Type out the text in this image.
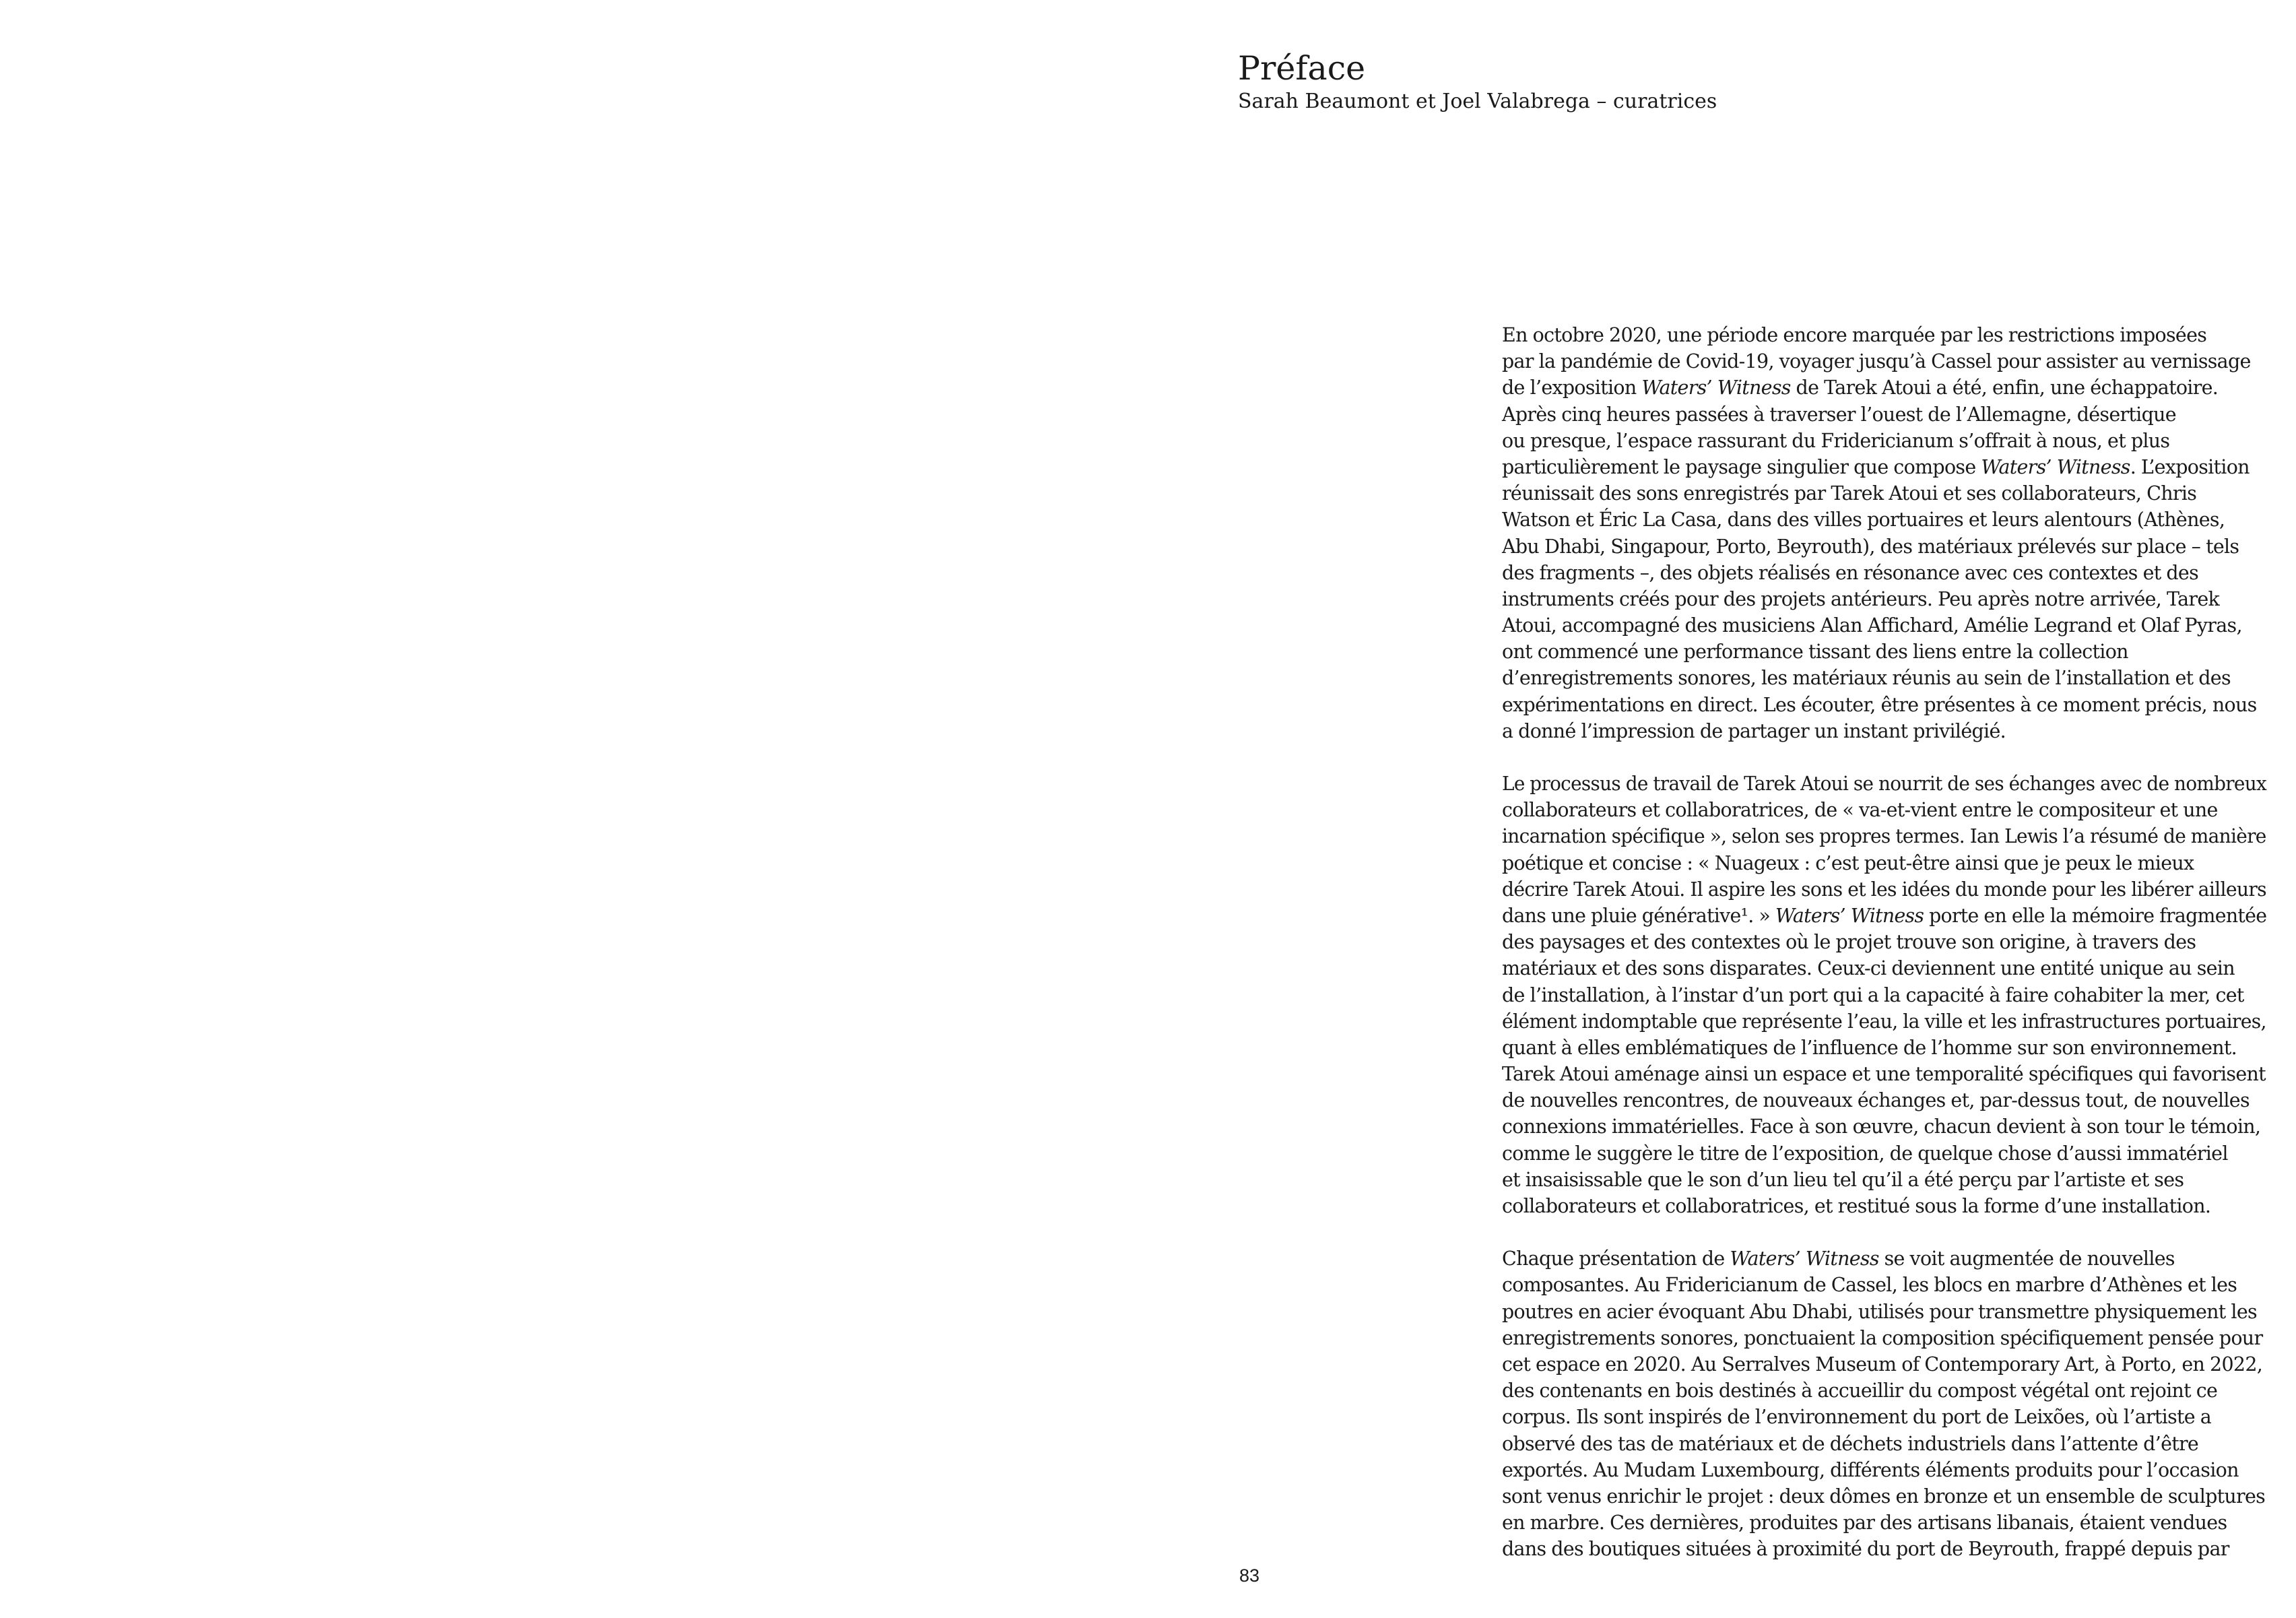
Préface

Sarah Beaumont et Joel Valabrega – curatrices

En octobre 2020, une période encore marquée par les restrictions imposées
par la pandémie de Covid-19, voyager jusqu’à Cassel pour assister au vernissage
de l’exposition Waters’ Witness de Tarek Atoui a été, enfin, une échappatoire.
Après cinq heures passées à traverser l’ouest de l’Allemagne, désertique
ou presque, l’espace rassurant du Fridericianum s’offrait à nous, et plus
particulièrement le paysage singulier que compose Waters’ Witness. L’exposition
réunissait des sons enregistrés par Tarek Atoui et ses collaborateurs, Chris
Watson et Éric La Casa, dans des villes portuaires et leurs alentours (Athènes,
Abu Dhabi, Singapour, Porto, Beyrouth), des matériaux prélevés sur place – tels
des fragments –, des objets réalisés en résonance avec ces contextes et des
instruments créés pour des projets antérieurs. Peu après notre arrivée, Tarek
Atoui, accompagné des musiciens Alan Affichard, Amélie Legrand et Olaf Pyras,
ont commencé une performance tissant des liens entre la collection
d’enregistrements sonores, les matériaux réunis au sein de l’installation et des
expérimentations en direct. Les écouter, être présentes à ce moment précis, nous
a donné l’impression de partager un instant privilégié.
Le processus de travail de Tarek Atoui se nourrit de ses échanges avec de nombreux
collaborateurs et collaboratrices, de « va-et-vient entre le compositeur et une
incarnation spécifique », selon ses propres termes. Ian Lewis l’a résumé de manière
poétique et concise : « Nuageux : c’est peut-être ainsi que je peux le mieux
décrire Tarek Atoui. Il aspire les sons et les idées du monde pour les libérer ailleurs
dans une pluie générative¹. » Waters’ Witness porte en elle la mémoire fragmentée
des paysages et des contextes où le projet trouve son origine, à travers des
matériaux et des sons disparates. Ceux-ci deviennent une entité unique au sein
de l’installation, à l’instar d’un port qui a la capacité à faire cohabiter la mer, cet
élément indomptable que représente l’eau, la ville et les infrastructures portuaires,
quant à elles emblématiques de l’influence de l’homme sur son environnement.
Tarek Atoui aménage ainsi un espace et une temporalité spécifiques qui favorisent
de nouvelles rencontres, de nouveaux échanges et, par-dessus tout, de nouvelles
connexions immatérielles. Face à son œuvre, chacun devient à son tour le témoin,
comme le suggère le titre de l’exposition, de quelque chose d’aussi immatériel
et insaisissable que le son d’un lieu tel qu’il a été perçu par l’artiste et ses
collaborateurs et collaboratrices, et restitué sous la forme d’une installation.
Chaque présentation de Waters’ Witness se voit augmentée de nouvelles
composantes. Au Fridericianum de Cassel, les blocs en marbre d’Athènes et les
poutres en acier évoquant Abu Dhabi, utilisés pour transmettre physiquement les
enregistrements sonores, ponctuaient la composition spécifiquement pensée pour
cet espace en 2020. Au Serralves Museum of Contemporary Art, à Porto, en 2022,
des contenants en bois destinés à accueillir du compost végétal ont rejoint ce
corpus. Ils sont inspirés de l’environnement du port de Leixões, où l’artiste a
observé des tas de matériaux et de déchets industriels dans l’attente d’être
exportés. Au Mudam Luxembourg, différents éléments produits pour l’occasion
sont venus enrichir le projet : deux dômes en bronze et un ensemble de sculptures
en marbre. Ces dernières, produites par des artisans libanais, étaient vendues
dans des boutiques situées à proximité du port de Beyrouth, frappé depuis par
83
